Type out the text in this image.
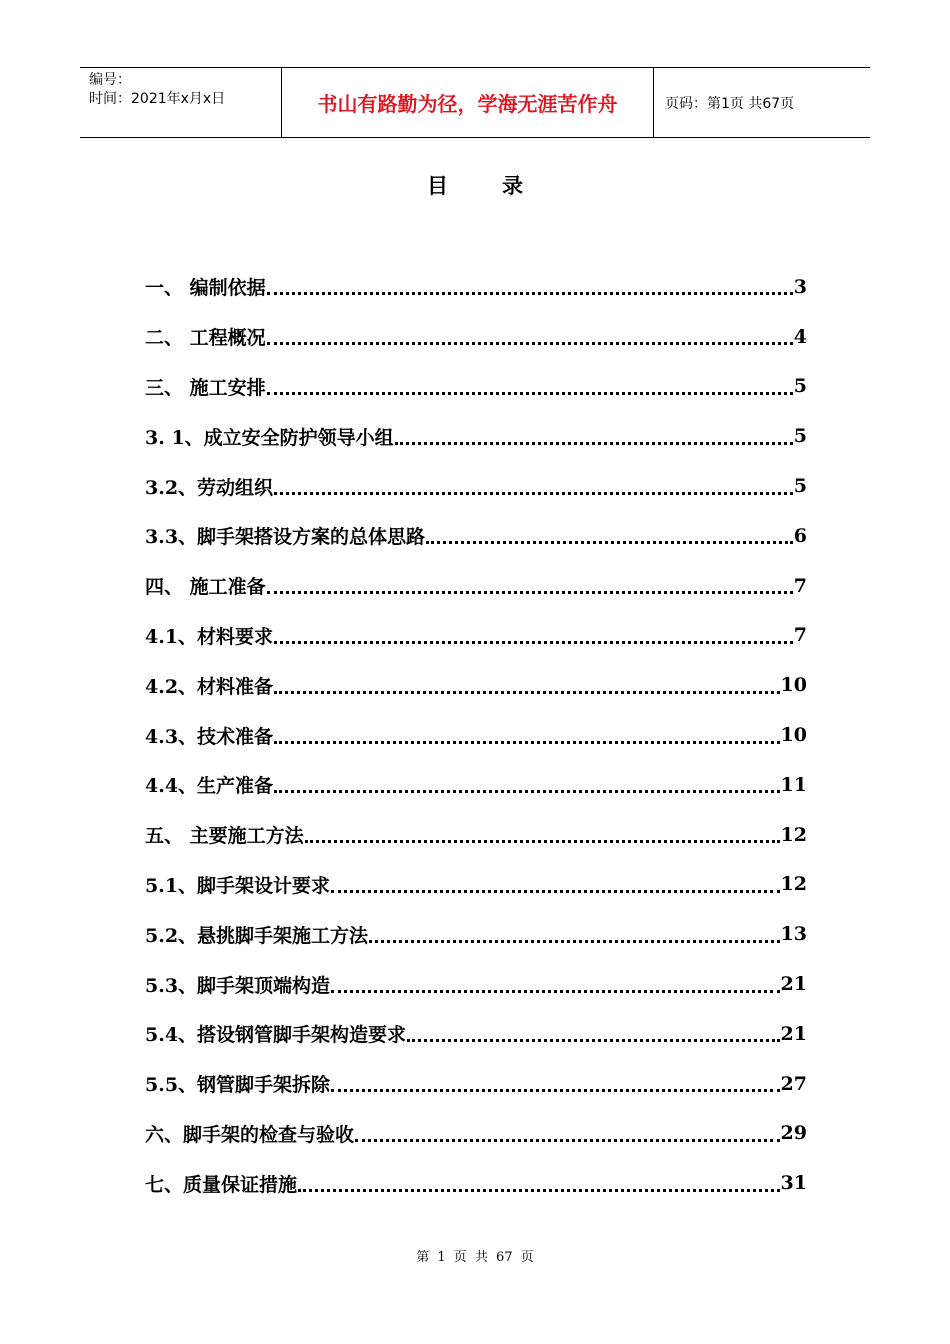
编号：
时间：2021年x月x日	书山有路勤为径，学海无涯苦作舟	页码：第1页 共67页
目	录
一、 编制依据	3
二、 工程概况	4
三、 施工安排	5
3. 1、成立安全防护领导小组	5
3.2、劳动组织	5
3.3、脚手架搭设方案的总体思路	6
四、 施工准备	7
4.1、材料要求	7
4.2、材料准备	10
4.3、技术准备	10
4.4、生产准备	11
五、 主要施工方法	12
5.1、脚手架设计要求	12
5.2、悬挑脚手架施工方法	13
5.3、脚手架顶端构造	21
5.4、搭设钢管脚手架构造要求	21
5.5、钢管脚手架拆除	27
六、脚手架的检查与验收	29
七、质量保证措施	31
第 1 页 共 67 页
